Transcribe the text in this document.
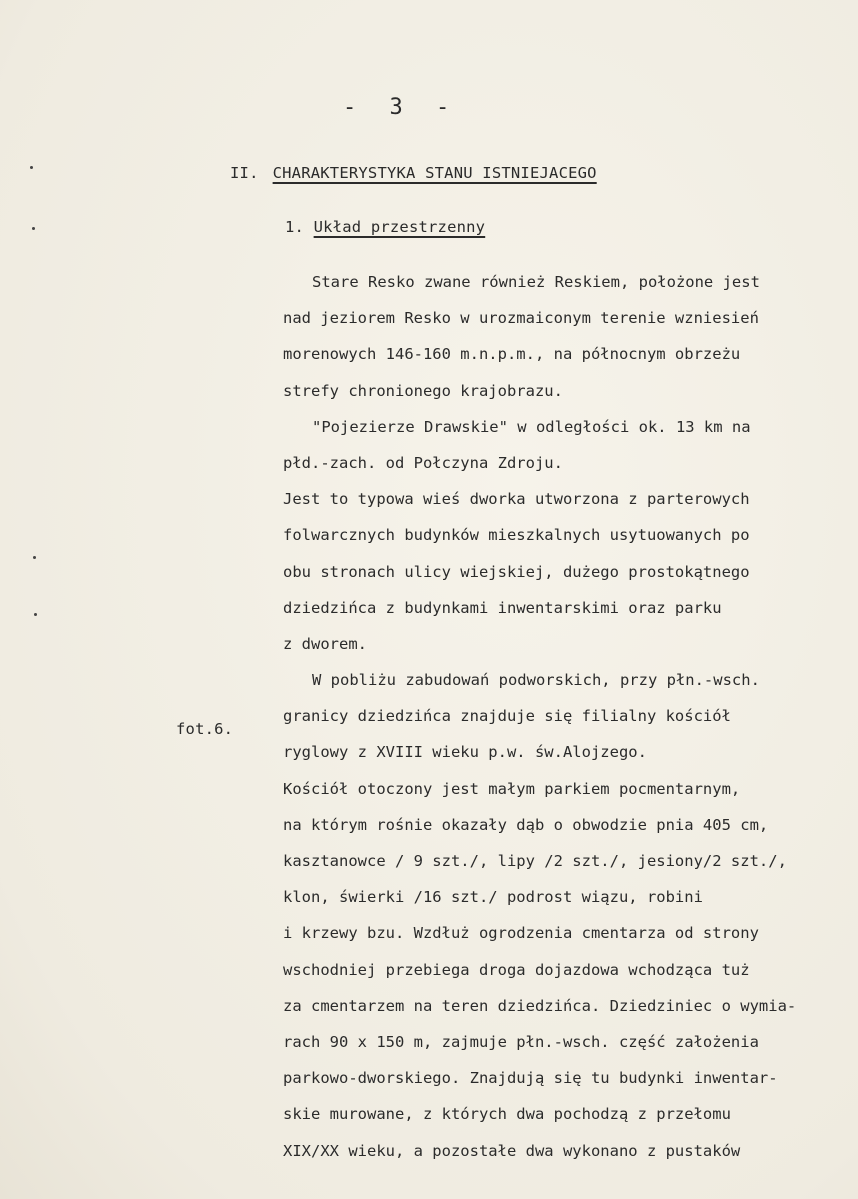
- 3 -
II. CHARAKTERYSTYKA STANU ISTNIEJACEGO
1. Układ przestrzenny
fot.6.
Stare Resko zwane również Reskiem, położone jest
nad jeziorem Resko w urozmaiconym terenie wzniesień
morenowych 146-160 m.n.p.m., na północnym obrzeżu
strefy chronionego krajobrazu.
"Pojezierze Drawskie" w odległości ok. 13 km na
płd.-zach. od Połczyna Zdroju.
Jest to typowa wieś dworka utworzona z parterowych
folwarcznych budynków mieszkalnych usytuowanych po
obu stronach ulicy wiejskiej, dużego prostokątnego
dziedzińca z budynkami inwentarskimi oraz parku
z dworem.
W pobliżu zabudowań podworskich, przy płn.-wsch.
granicy dziedzińca znajduje się filialny kościół
ryglowy z XVIII wieku p.w. św.Alojzego.
Kościół otoczony jest małym parkiem pocmentarnym,
na którym rośnie okazały dąb o obwodzie pnia 405 cm,
kasztanowce / 9 szt./, lipy /2 szt./, jesiony/2 szt./,
klon, świerki /16 szt./ podrost wiązu, robini
i krzewy bzu. Wzdłuż ogrodzenia cmentarza od strony
wschodniej przebiega droga dojazdowa wchodząca tuż
za cmentarzem na teren dziedzińca. Dziedziniec o wymia-
rach 90 x 150 m, zajmuje płn.-wsch. część założenia
parkowo-dworskiego. Znajdują się tu budynki inwentar-
skie murowane, z których dwa pochodzą z przełomu
XIX/XX wieku, a pozostałe dwa wykonano z pustaków
